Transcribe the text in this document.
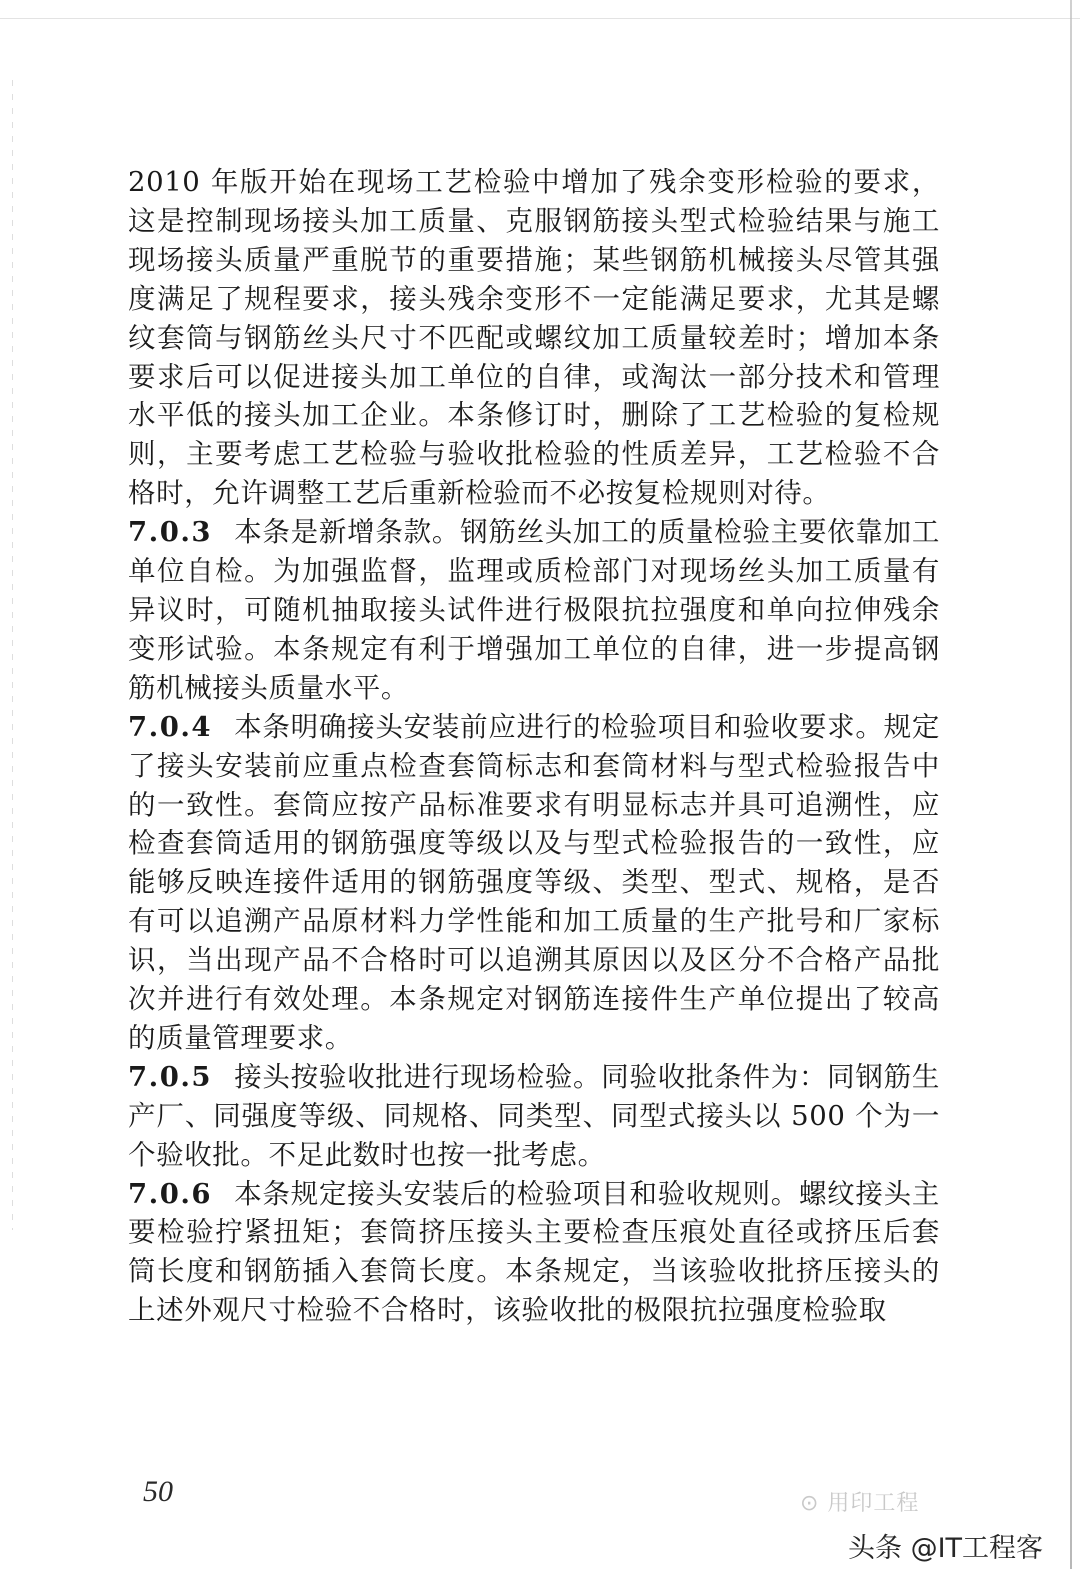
2010 年版开始在现场工艺检验中增加了残余变形检验的要求，这是控制现场接头加工质量、克服钢筋接头型式检验结果与施工现场接头质量严重脱节的重要措施；某些钢筋机械接头尽管其强度满足了规程要求，接头残余变形不一定能满足要求，尤其是螺纹套筒与钢筋丝头尺寸不匹配或螺纹加工质量较差时；增加本条要求后可以促进接头加工单位的自律，或淘汰一部分技术和管理水平低的接头加工企业。本条修订时，删除了工艺检验的复检规则，主要考虑工艺检验与验收批检验的性质差异，工艺检验不合格时，允许调整工艺后重新检验而不必按复检规则对待。

7.0.3 本条是新增条款。钢筋丝头加工的质量检验主要依靠加工单位自检。为加强监督，监理或质检部门对现场丝头加工质量有异议时，可随机抽取接头试件进行极限抗拉强度和单向拉伸残余变形试验。本条规定有利于增强加工单位的自律，进一步提高钢筋机械接头质量水平。

7.0.4 本条明确接头安装前应进行的检验项目和验收要求。规定了接头安装前应重点检查套筒标志和套筒材料与型式检验报告中的一致性。套筒应按产品标准要求有明显标志并具可追溯性，应检查套筒适用的钢筋强度等级以及与型式检验报告的一致性，应能够反映连接件适用的钢筋强度等级、类型、型式、规格，是否有可以追溯产品原材料力学性能和加工质量的生产批号和厂家标识，当出现产品不合格时可以追溯其原因以及区分不合格产品批次并进行有效处理。本条规定对钢筋连接件生产单位提出了较高的质量管理要求。

7.0.5 接头按验收批进行现场检验。同验收批条件为：同钢筋生产厂、同强度等级、同规格、同类型、同型式接头以 500 个为一个验收批。不足此数时也按一批考虑。

7.0.6 本条规定接头安装后的检验项目和验收规则。螺纹接头主要检验拧紧扭矩；套筒挤压接头主要检查压痕处直径或挤压后套筒长度和钢筋插入套筒长度。本条规定，当该验收批挤压接头的上述外观尺寸检验不合格时，该验收批的极限抗拉强度检验取

50	⊙ 用印工程
头条 @IT工程客
